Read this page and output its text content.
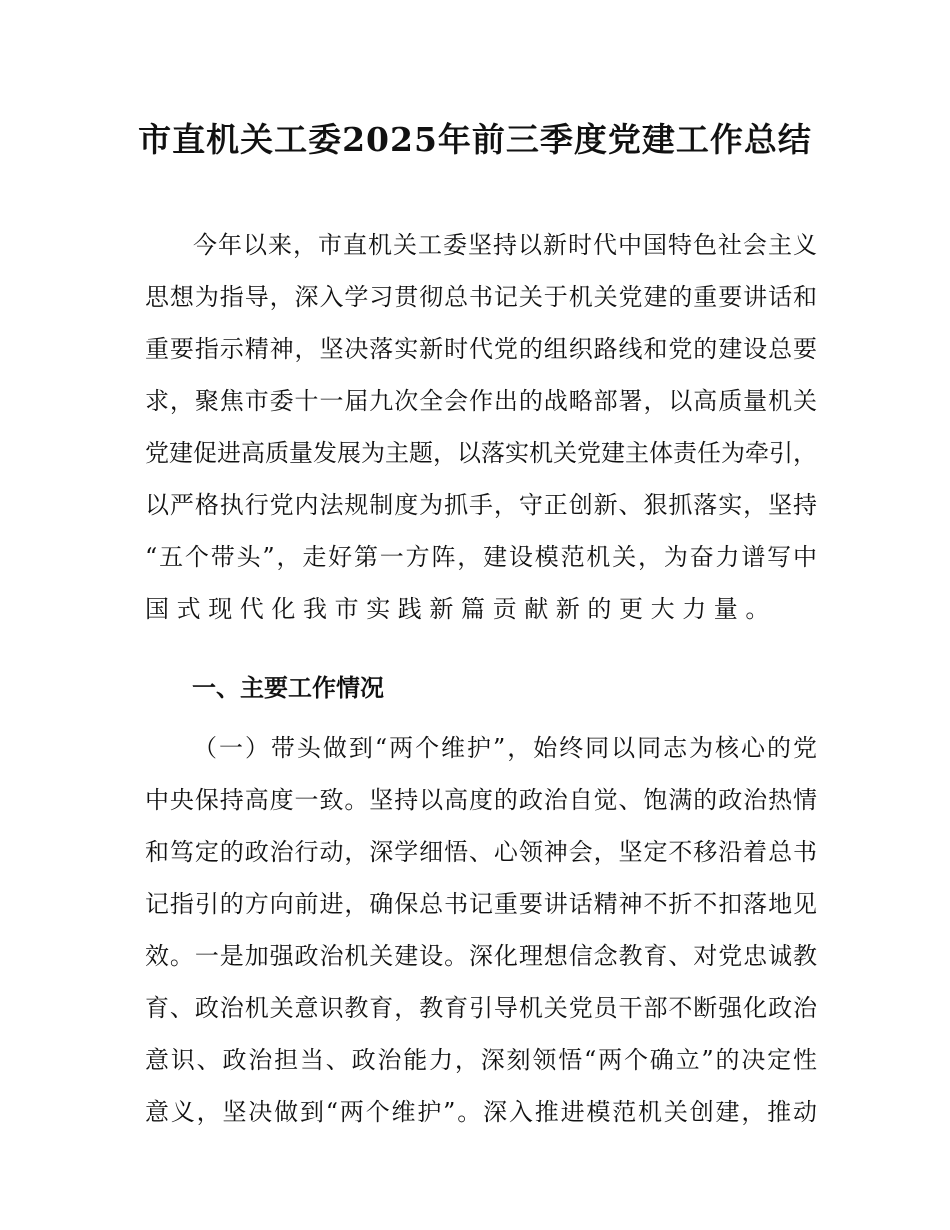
市直机关工委2025年前三季度党建工作总结
今年以来，市直机关工委坚持以新时代中国特色社会主义
思想为指导，深入学习贯彻总书记关于机关党建的重要讲话和
重要指示精神，坚决落实新时代党的组织路线和党的建设总要
求，聚焦市委十一届九次全会作出的战略部署，以高质量机关
党建促进高质量发展为主题，以落实机关党建主体责任为牵引，
以严格执行党内法规制度为抓手，守正创新、狠抓落实，坚持
“五个带头”，走好第一方阵，建设模范机关，为奋力谱写中
国式现代化我市实践新篇贡献新的更大力量。
一、主要工作情况
（一）带头做到“两个维护”，始终同以同志为核心的党
中央保持高度一致。坚持以高度的政治自觉、饱满的政治热情
和笃定的政治行动，深学细悟、心领神会，坚定不移沿着总书
记指引的方向前进，确保总书记重要讲话精神不折不扣落地见
效。一是加强政治机关建设。深化理想信念教育、对党忠诚教
育、政治机关意识教育，教育引导机关党员干部不断强化政治
意识、政治担当、政治能力，深刻领悟“两个确立”的决定性
意义，坚决做到“两个维护”。深入推进模范机关创建，推动
